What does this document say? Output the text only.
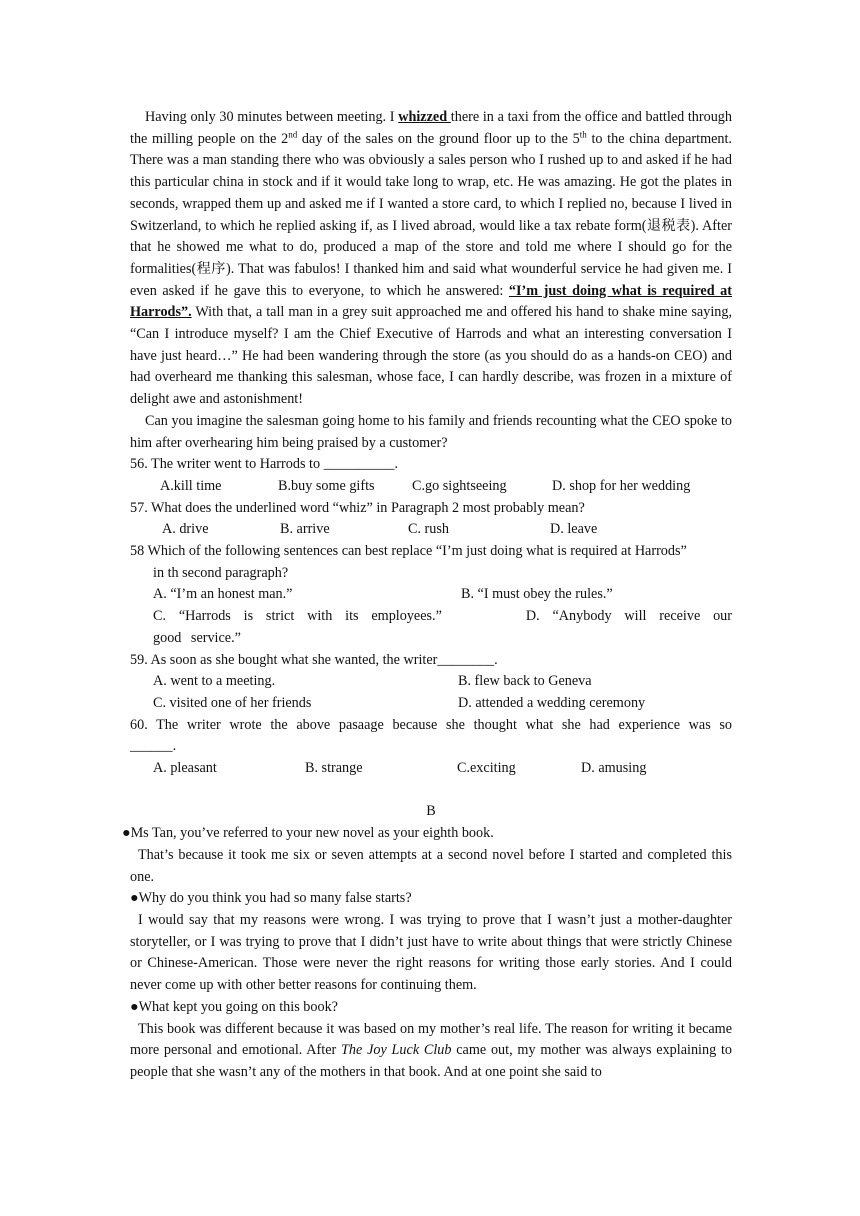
Having only 30 minutes between meeting. I whizzed there in a taxi from the office and battled through the milling people on the 2nd day of the sales on the ground floor up to the 5th to the china department. There was a man standing there who was obviously a sales person who I rushed up to and asked if he had this particular china in stock and if it would take long to wrap, etc. He was amazing. He got the plates in seconds, wrapped them up and asked me if I wanted a store card, to which I replied no, because I lived in Switzerland, to which he replied asking if, as I lived abroad, would like a tax rebate form(退税表). After that he showed me what to do, produced a map of the store and told me where I should go for the formalities(程序). That was fabulos! I thanked him and said what wounderful service he had given me. I even asked if he gave this to everyone, to which he answered: “I’m just doing what is required at Harrods”. With that, a tall man in a grey suit approached me and offered his hand to shake mine saying, “Can I introduce myself? I am the Chief Executive of Harrods and what an interesting conversation I have just heard…” He had been wandering through the store (as you should do as a hands-on CEO) and had overheard me thanking this salesman, whose face, I can hardly describe, was frozen in a mixture of delight awe and astonishment!

Can you imagine the salesman going home to his family and friends recounting what the CEO spoke to him after overhearing him being praised by a customer?

56. The writer went to Harrods to __________.

A.kill time	B.buy some gifts	C.go sightseeing	D. shop for her wedding

57. What does the underlined word “whiz” in Paragraph 2 most probably mean?

A. drive	B. arrive	C. rush	D. leave

58 Which of the following sentences can best replace “I’m just doing what is required at Harrods”

in th second paragraph?

A. “I’m an honest man.”	B. “I must obey the rules.”

C. “Harrods is strict with its employees.”	D. “Anybody will receive our good service.”

59. As soon as she bought what she wanted, the writer________.

A. went to a meeting.	B. flew back to Geneva
C. visited one of her friends	D. attended a wedding ceremony

60. The writer wrote the above pasaage because she thought what she had experience was so ______.

A. pleasant	B. strange	C.exciting	D. amusing

B

●Ms Tan, you’ve referred to your new novel as your eighth book.

That’s because it took me six or seven attempts at a second novel before I started and completed this one.

●Why do you think you had so many false starts?

I would say that my reasons were wrong. I was trying to prove that I wasn’t just a mother-daughter storyteller, or I was trying to prove that I didn’t just have to write about things that were strictly Chinese or Chinese-American. Those were never the right reasons for writing those early stories. And I could never come up with other better reasons for continuing them.

●What kept you going on this book?

This book was different because it was based on my mother’s real life. The reason for writing it became more personal and emotional. After The Joy Luck Club came out, my mother was always explaining to people that she wasn’t any of the mothers in that book. And at one point she said to
